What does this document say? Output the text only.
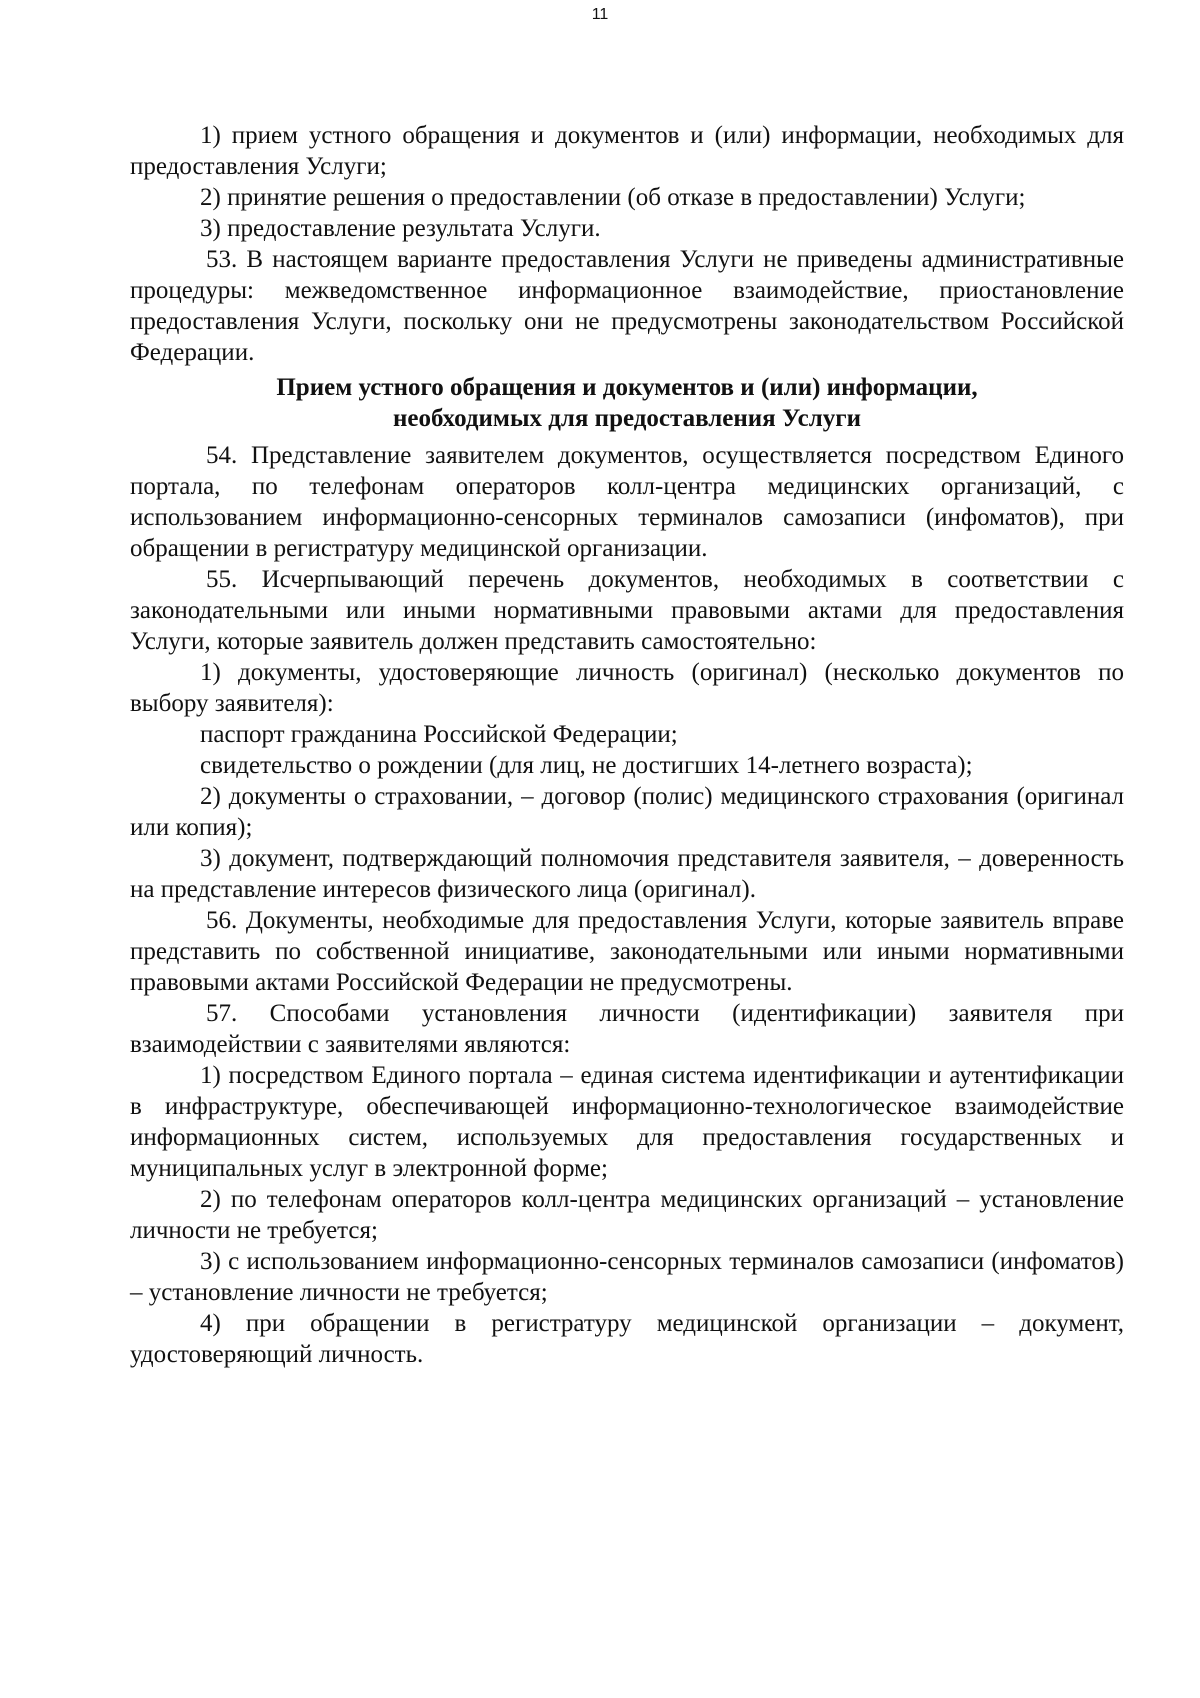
11

1) прием устного обращения и документов и (или) информации, необходимых для предоставления Услуги;

2) принятие решения о предоставлении (об отказе в предоставлении) Услуги;

3) предоставление результата Услуги.

53. В настоящем варианте предоставления Услуги не приведены административные процедуры: межведомственное информационное взаимодействие, приостановление предоставления Услуги, поскольку они не предусмотрены законодательством Российской Федерации.

Прием устного обращения и документов и (или) информации,
необходимых для предоставления Услуги

54. Представление заявителем документов, осуществляется посредством Единого портала, по телефонам операторов колл-центра медицинских организаций, с использованием информационно-сенсорных терминалов самозаписи (инфоматов), при обращении в регистратуру медицинской организации.

55. Исчерпывающий перечень документов, необходимых в соответствии с законодательными или иными нормативными правовыми актами для предоставления Услуги, которые заявитель должен представить самостоятельно:

1) документы, удостоверяющие личность (оригинал) (несколько документов по выбору заявителя):

паспорт гражданина Российской Федерации;

свидетельство о рождении (для лиц, не достигших 14-летнего возраста);

2) документы о страховании, – договор (полис) медицинского страхования (оригинал или копия);

3) документ, подтверждающий полномочия представителя заявителя, – доверенность на представление интересов физического лица (оригинал).

56. Документы, необходимые для предоставления Услуги, которые заявитель вправе представить по собственной инициативе, законодательными или иными нормативными правовыми актами Российской Федерации не предусмотрены.

57. Способами установления личности (идентификации) заявителя при взаимодействии с заявителями являются:

1) посредством Единого портала – единая система идентификации и аутентификации в инфраструктуре, обеспечивающей информационно-технологическое взаимодействие информационных систем, используемых для предоставления государственных и муниципальных услуг в электронной форме;

2) по телефонам операторов колл-центра медицинских организаций – установление личности не требуется;

3) с использованием информационно-сенсорных терминалов самозаписи (инфоматов) – установление личности не требуется;

4) при обращении в регистратуру медицинской организации – документ, удостоверяющий личность.
